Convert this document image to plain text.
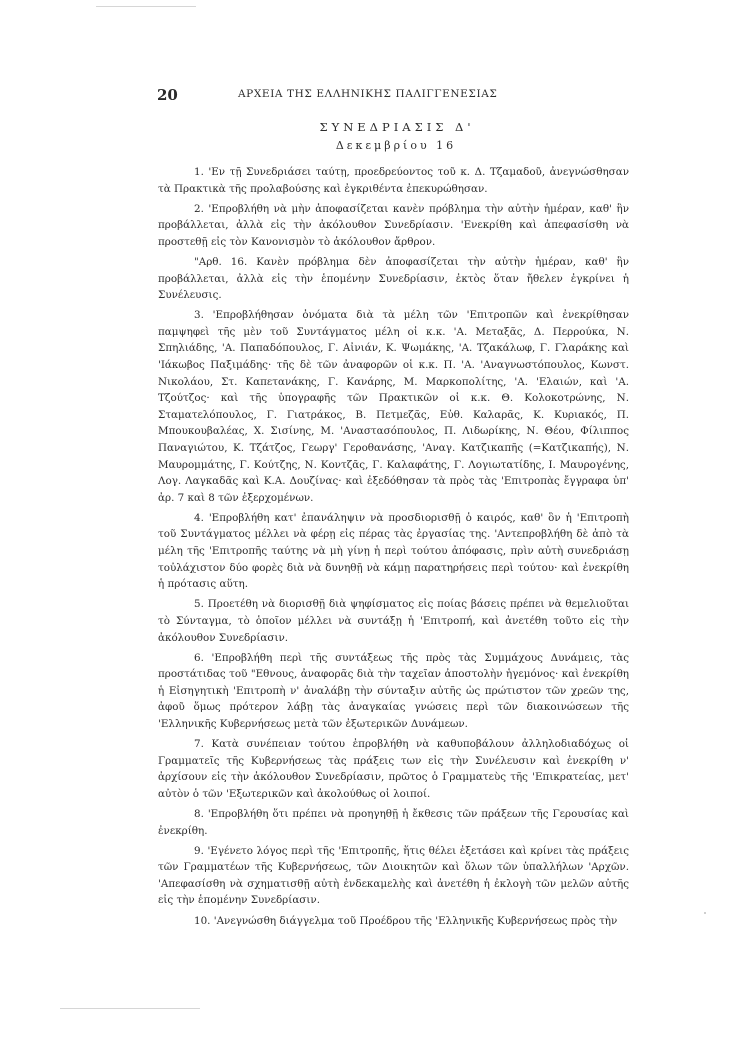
20	ΑΡΧΕΙΑ ΤΗΣ ΕΛΛΗΝΙΚΗΣ ΠΑΛΙΓΓΕΝΕΣΙΑΣ
ΣΥΝΕΔΡΙΑΣΙΣ Δ'
Δεκεμβρίου 16

1. 'Εν τῇ Συνεδριάσει ταύτῃ, προεδρεύοντος τοῦ κ. Δ. Τζαμαδοῦ, ἀνεγνώσθησαν τὰ Πρακτικὰ τῆς προλαβούσης καὶ ἐγκριθέντα ἐπεκυρώθησαν.

2. 'Επροβλήθη νὰ μὴν ἀποφασίζεται κανὲν πρόβλημα τὴν αὐτὴν ἡμέραν, καθ' ἣν προβάλλεται, ἀλλὰ εἰς τὴν ἀκόλουθον Συνεδρίασιν. 'Ενεκρίθη καὶ ἀπεφασίσθη νὰ προστεθῇ εἰς τὸν Κανονισμὸν τὸ ἀκόλουθον ἄρθρον.

"Αρθ. 16. Κανὲν πρόβλημα δὲν ἀποφασίζεται τὴν αὐτὴν ἡμέραν, καθ' ἣν προβάλλεται, ἀλλὰ εἰς τὴν ἑπομένην Συνεδρίασιν, ἐκτὸς ὅταν ἤθελεν ἐγκρίνει ἡ Συνέλευσις.

3. 'Επροβλήθησαν ὀνόματα διὰ τὰ μέλη τῶν 'Επιτροπῶν καὶ ἐνεκρίθησαν παμψηφεὶ τῆς μὲν τοῦ Συντάγματος μέλη οἱ κ.κ. 'Α. Μεταξᾶς, Δ. Περρούκα, Ν. Σπηλιάδης, 'Α. Παπαδόπουλος, Γ. Αἰνιάν, Κ. Ψωμάκης, 'Α. Τζακάλωφ, Γ. Γλαράκης καὶ 'Ιάκωβος Παξιμάδης· τῆς δὲ τῶν ἀναφορῶν οἱ κ.κ. Π. 'Α. 'Αναγνωστόπουλος, Κωνστ. Νικολάου, Στ. Καπετανάκης, Γ. Κανάρης, Μ. Μαρκοπολίτης, 'Α. 'Ελαιών, καὶ 'Α. Τζούτζος· καὶ τῆς ὑπογραφῆς τῶν Πρακτικῶν οἱ κ.κ. Θ. Κολοκοτρώνης, Ν. Σταματελόπουλος, Γ. Γιατράκος, Β. Πετμεζᾶς, Εὐθ. Καλαρᾶς, Κ. Κυριακός, Π. Μπουκουβαλέας, Χ. Σισίνης, Μ. 'Αναστασόπουλος, Π. Λιδωρίκης, Ν. Θέου, Φίλιππος Παναγιώτου, Κ. Τζάτζος, Γεωργ' Γεροθανάσης, 'Αναγ. Κατζικαπῆς (=Κατζικαπής), Ν. Μαυρομμάτης, Γ. Κούτζης, Ν. Κοντζᾶς, Γ. Καλαφάτης, Γ. Λογιωτατίδης, Ι. Μαυρογένης, Λογ. Λαγκαδᾶς καὶ Κ.Α. Δουζίνας· καὶ ἐξεδόθησαν τὰ πρὸς τὰς 'Επιτροπὰς ἔγγραφα ὑπ' ἀρ. 7 καὶ 8 τῶν ἐξερχομένων.

4. 'Επροβλήθη κατ' ἐπανάληψιν νὰ προσδιορισθῇ ὁ καιρός, καθ' ὃν ἡ 'Επιτροπὴ τοῦ Συντάγματος μέλλει νὰ φέρῃ εἰς πέρας τὰς ἐργασίας της. 'Αντεπροβλήθη δὲ ἀπὸ τὰ μέλη τῆς 'Επιτροπῆς ταύτης νὰ μὴ γίνῃ ἡ περὶ τούτου ἀπόφασις, πρὶν αὐτὴ συνεδριάσῃ τοὐλάχιστον δύο φορὲς διὰ νὰ δυνηθῇ νὰ κάμῃ παρατηρήσεις περὶ τούτου· καὶ ἐνεκρίθη ἡ πρότασις αὕτη.

5. Προετέθη νὰ διορισθῇ διὰ ψηφίσματος εἰς ποίας βάσεις πρέπει νὰ θεμελιοῦται τὸ Σύνταγμα, τὸ ὁποῖον μέλλει νὰ συντάξῃ ἡ 'Επιτροπή, καὶ ἀνετέθη τοῦτο εἰς τὴν ἀκόλουθον Συνεδρίασιν.

6. 'Επροβλήθη περὶ τῆς συντάξεως τῆς πρὸς τὰς Συμμάχους Δυνάμεις, τὰς προστάτιδας τοῦ "Εθνους, ἀναφορᾶς διὰ τὴν ταχεῖαν ἀποστολὴν ἡγεμόνος· καὶ ἐνεκρίθη ἡ Εἰσηγητικὴ 'Επιτροπὴ ν' ἀναλάβῃ τὴν σύνταξιν αὐτῆς ὡς πρώτιστον τῶν χρεῶν της, ἀφοῦ ὅμως πρότερον λάβῃ τὰς ἀναγκαίας γνώσεις περὶ τῶν διακοινώσεων τῆς 'Ελληνικῆς Κυβερνήσεως μετὰ τῶν ἐξωτερικῶν Δυνάμεων.

7. Κατὰ συνέπειαν τούτου ἐπροβλήθη νὰ καθυποβάλουν ἀλληλοδιαδόχως οἱ Γραμματεῖς τῆς Κυβερνήσεως τὰς πράξεις των εἰς τὴν Συνέλευσιν καὶ ἐνεκρίθη ν' ἀρχίσουν εἰς τὴν ἀκόλουθον Συνεδρίασιν, πρῶτος ὁ Γραμματεὺς τῆς 'Επικρατείας, μετ' αὐτὸν ὁ τῶν 'Εξωτερικῶν καὶ ἀκολούθως οἱ λοιποί.

8. 'Επροβλήθη ὅτι πρέπει νὰ προηγηθῇ ἡ ἔκθεσις τῶν πράξεων τῆς Γερουσίας καὶ ἐνεκρίθη.

9. 'Εγένετο λόγος περὶ τῆς 'Επιτροπῆς, ἥτις θέλει ἐξετάσει καὶ κρίνει τὰς πράξεις τῶν Γραμματέων τῆς Κυβερνήσεως, τῶν Διοικητῶν καὶ ὅλων τῶν ὑπαλλήλων 'Αρχῶν. 'Απεφασίσθη νὰ σχηματισθῇ αὐτὴ ἐνδεκαμελὴς καὶ ἀνετέθη ἡ ἐκλογὴ τῶν μελῶν αὐτῆς εἰς τὴν ἑπομένην Συνεδρίασιν.

10. 'Ανεγνώσθη διάγγελμα τοῦ Προέδρου τῆς 'Ελληνικῆς Κυβερνήσεως πρὸς τὴν
